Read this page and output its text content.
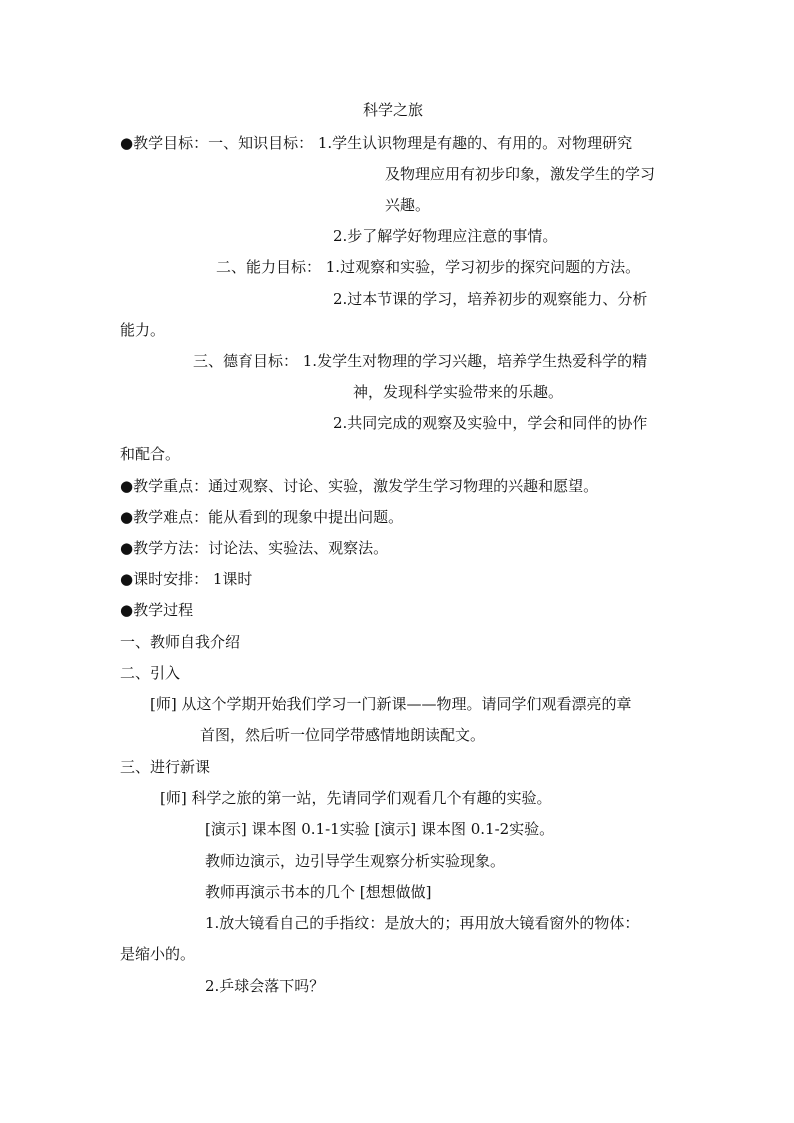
科学之旅
●教学目标：一、知识目标： 1.学生认识物理是有趣的、有用的。对物理研究
及物理应用有初步印象，激发学生的学习
兴趣。
2.步了解学好物理应注意的事情。
二、能力目标： 1.过观察和实验，学习初步的探究问题的方法。
2.过本节课的学习，培养初步的观察能力、分析
能力。
三、德育目标： 1.发学生对物理的学习兴趣，培养学生热爱科学的精
神，发现科学实验带来的乐趣。
2.共同完成的观察及实验中，学会和同伴的协作
和配合。
●教学重点：通过观察、讨论、实验，激发学生学习物理的兴趣和愿望。
●教学难点：能从看到的现象中提出问题。
●教学方法：讨论法、实验法、观察法。
●课时安排： 1课时
●教学过程
一、教师自我介绍
二、引入
[师] 从这个学期开始我们学习一门新课——物理。请同学们观看漂亮的章
首图，然后听一位同学带感情地朗读配文。
三、进行新课
[师] 科学之旅的第一站，先请同学们观看几个有趣的实验。
[演示] 课本图 0.1-1实验 [演示] 课本图 0.1-2实验。
教师边演示，边引导学生观察分析实验现象。
教师再演示书本的几个 [想想做做]
1.放大镜看自己的手指纹：是放大的；再用放大镜看窗外的物体：
是缩小的。
2.乒球会落下吗？
